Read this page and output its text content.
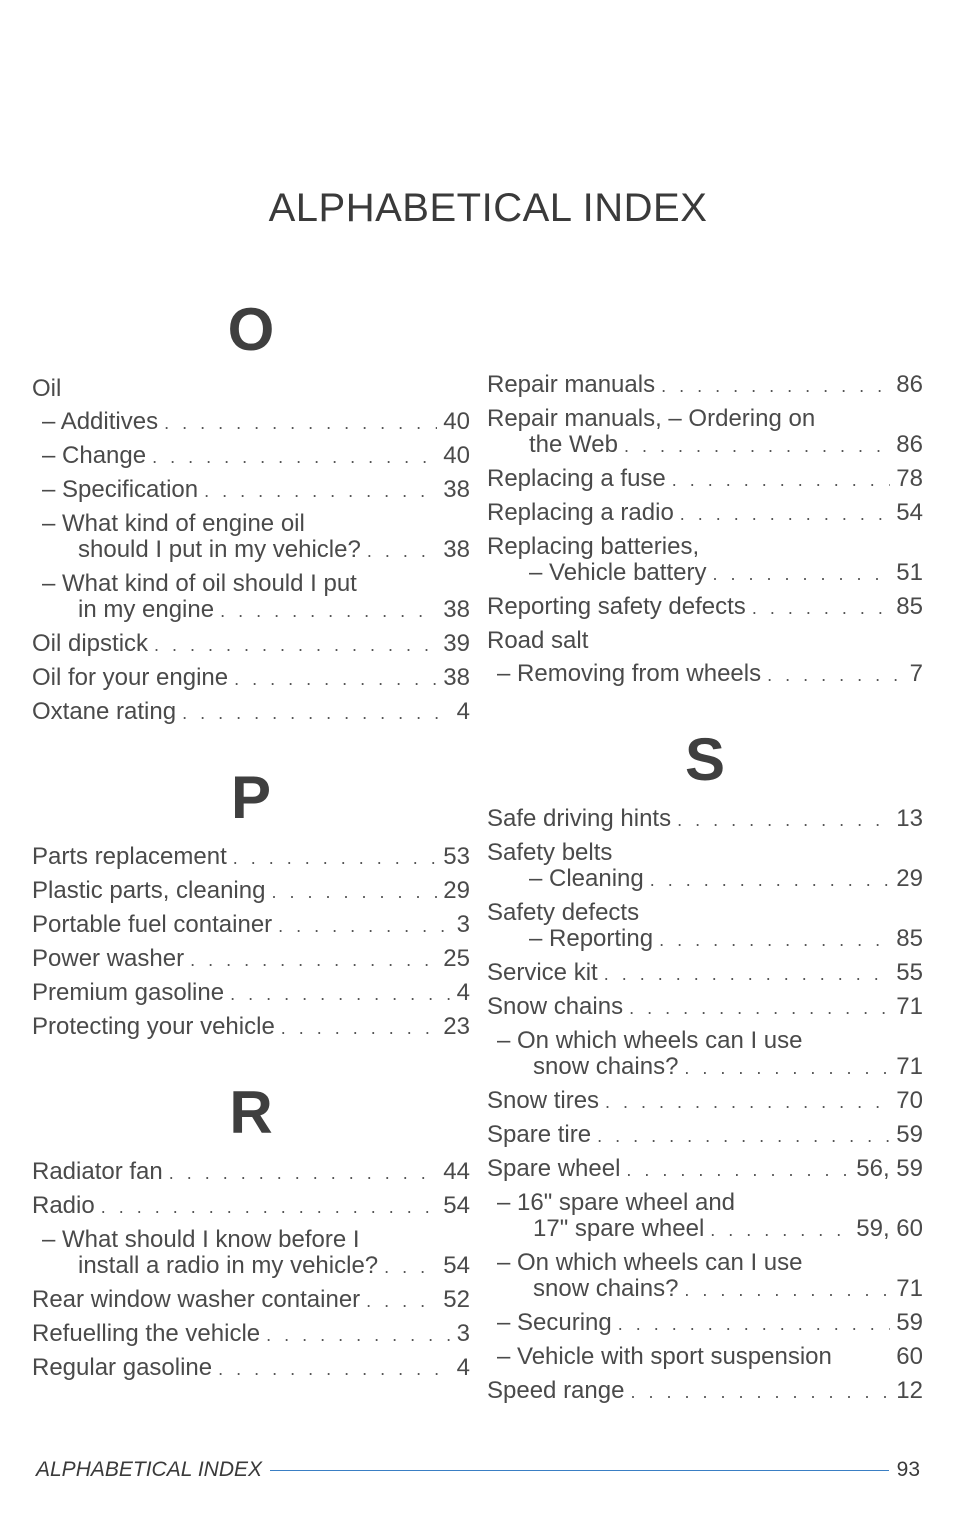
ALPHABETICAL INDEX
O
Oil
– Additives . . .	40
– Change . . .	40
– Specification . . .	38
– What kind of engine oil
should I put in my vehicle? . . .	38
– What kind of oil should I put
in my engine . . .	38
Oil dipstick . . .	39
Oil for your engine . . .	38
Oxtane rating . . .	4
P
Parts replacement . . .	53
Plastic parts, cleaning . . .	29
Portable fuel container . . .	3
Power washer . . .	25
Premium gasoline . . .	4
Protecting your vehicle . . .	23
R
Radiator fan . . .	44
Radio . . .	54
– What should I know before I
install a radio in my vehicle? . . .	54
Rear window washer container . . .	52
Refuelling the vehicle . . .	3
Regular gasoline . . .	4
Repair manuals . . .	86
Repair manuals, – Ordering on
the Web . . .	86
Replacing a fuse . . .	78
Replacing a radio . . .	54
Replacing batteries,
– Vehicle battery . . .	51
Reporting safety defects . . .	85
Road salt
– Removing from wheels . . .	7
S
Safe driving hints . . .	13
Safety belts
– Cleaning . . .	29
Safety defects
– Reporting . . .	85
Service kit . . .	55
Snow chains . . .	71
– On which wheels can I use
snow chains? . . .	71
Snow tires . . .	70
Spare tire . . .	59
Spare wheel . . .	56, 59
– 16" spare wheel and
17" spare wheel . . .	59, 60
– On which wheels can I use
snow chains? . . .	71
– Securing . . .	59
– Vehicle with sport suspension	60
Speed range . . .	12
ALPHABETICAL INDEX	93
